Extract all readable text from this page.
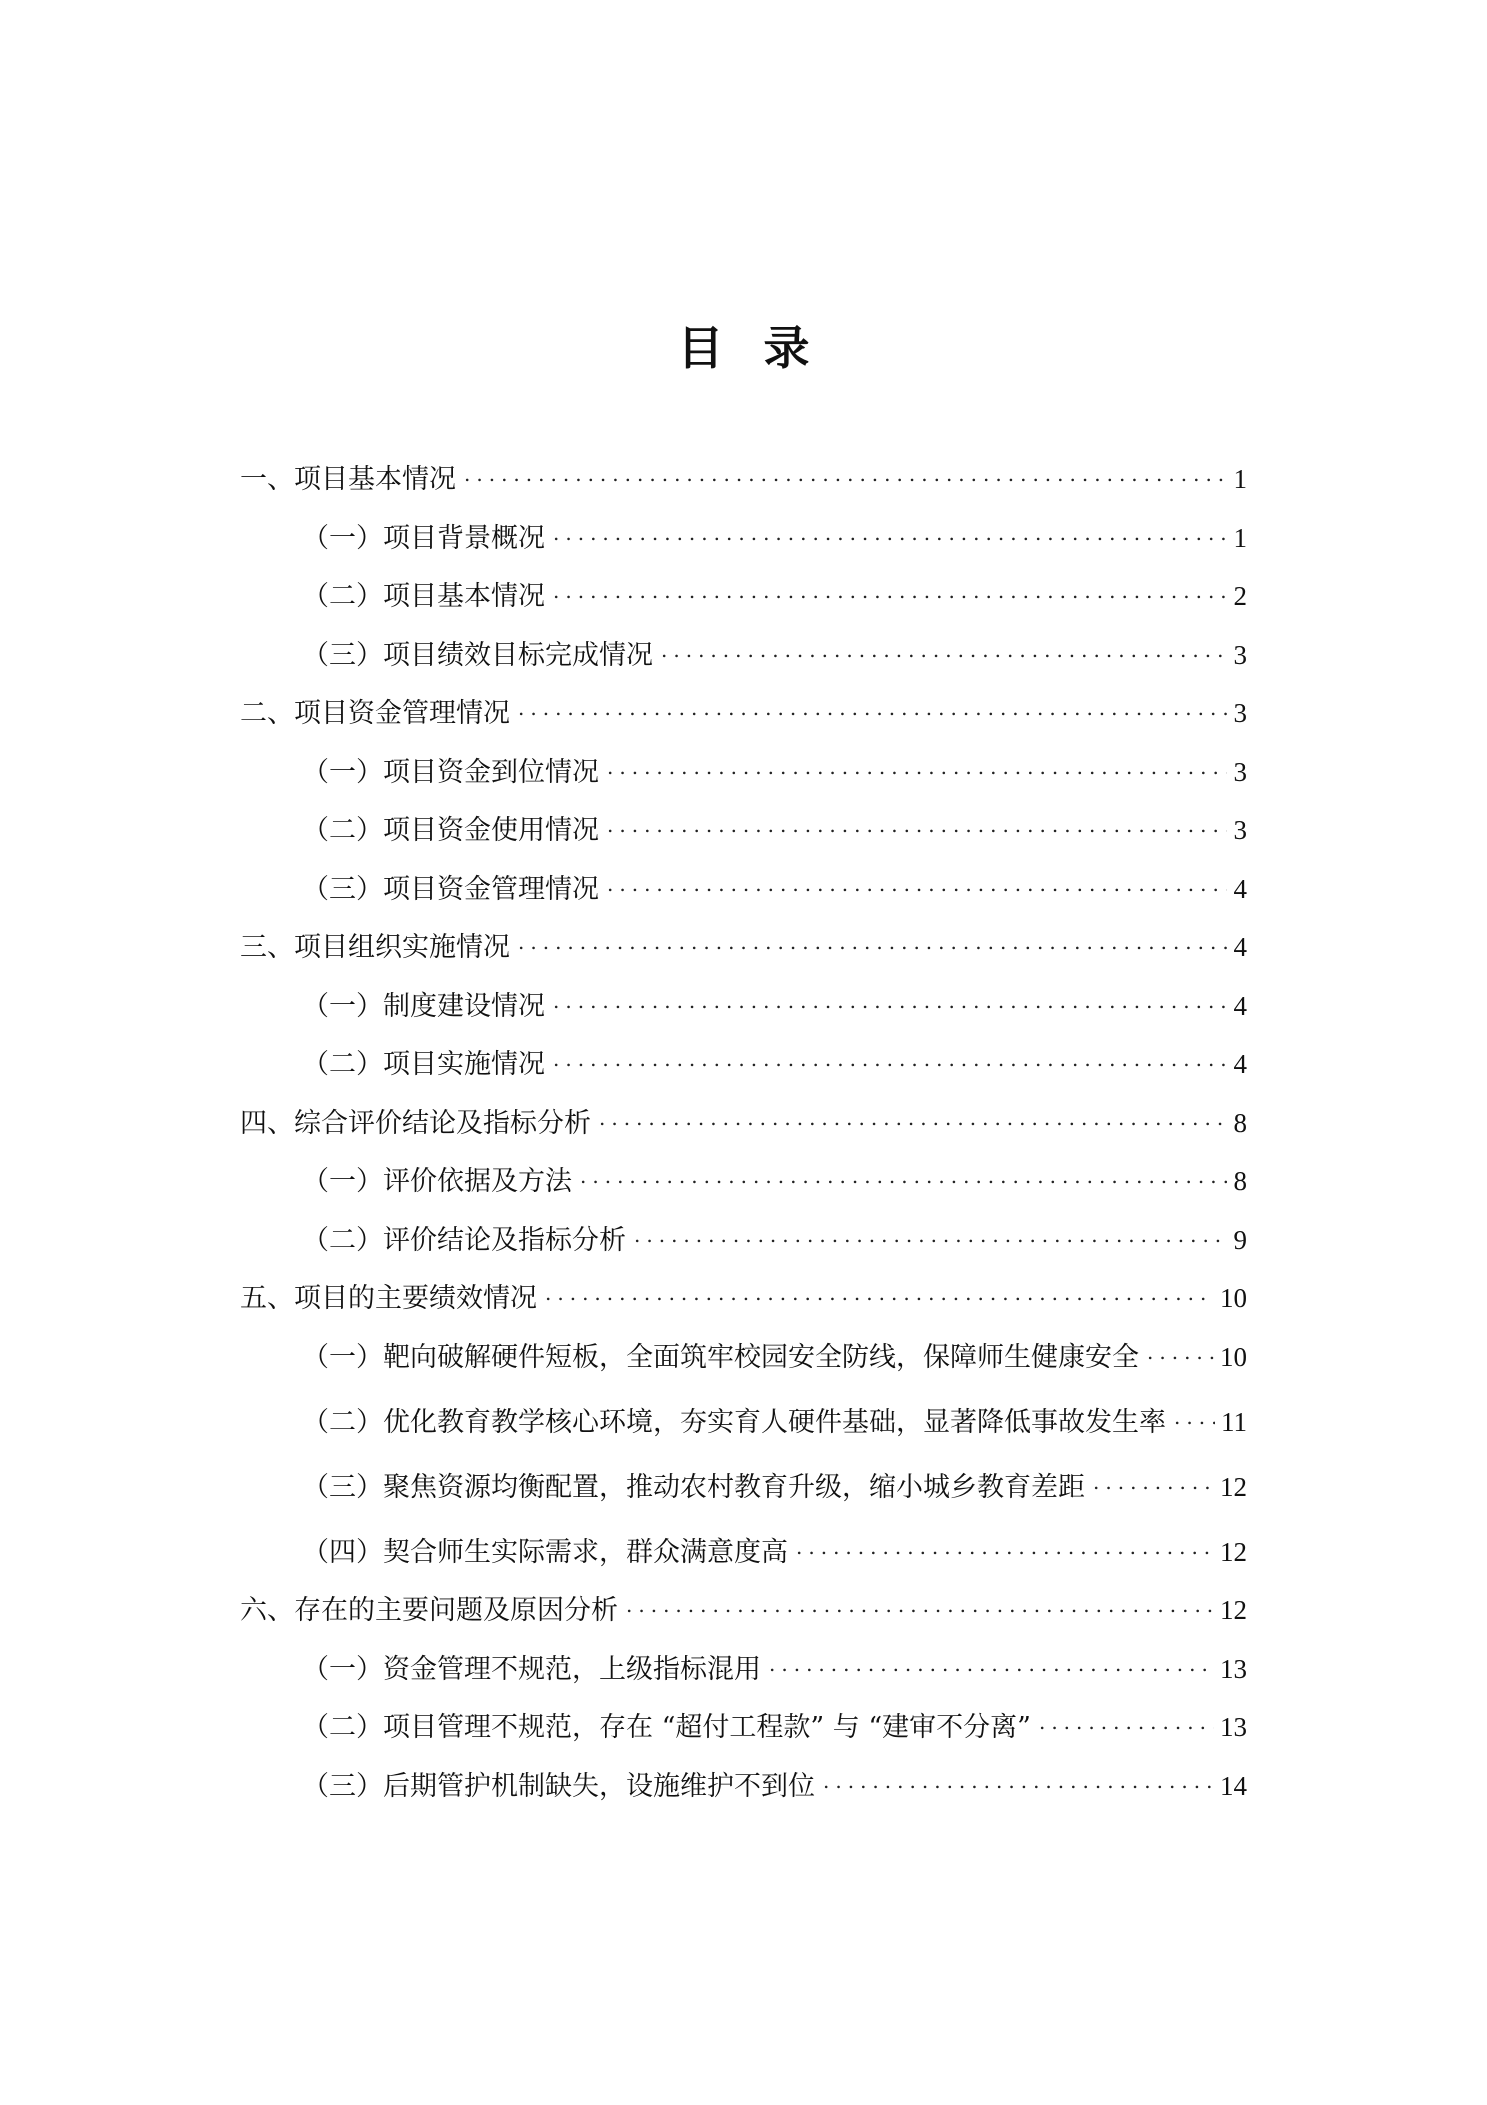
目录
一、项目基本情况 .....	1
（一）项目背景概况 .....	1
（二）项目基本情况 .....	2
（三）项目绩效目标完成情况 .....	3
二、项目资金管理情况 .....	3
（一）项目资金到位情况 .....	3
（二）项目资金使用情况 .....	3
（三）项目资金管理情况 .....	4
三、项目组织实施情况 .....	4
（一）制度建设情况 .....	4
（二）项目实施情况 .....	4
四、综合评价结论及指标分析 .....	8
（一）评价依据及方法 .....	8
（二）评价结论及指标分析 .....	9
五、项目的主要绩效情况 .....	10
（一）靶向破解硬件短板，全面筑牢校园安全防线，保障师生健康安全 .....	10
（二）优化教育教学核心环境，夯实育人硬件基础，显著降低事故发生率 ..... 11
（三）聚焦资源均衡配置，推动农村教育升级，缩小城乡教育差距 .....	12
（四）契合师生实际需求，群众满意度高 .....	12
六、存在的主要问题及原因分析 .....	12
（一）资金管理不规范，上级指标混用 .....	13
（二）项目管理不规范，存在 “超付工程款” 与 “建审不分离” .....	13
（三）后期管护机制缺失，设施维护不到位 .....	14
